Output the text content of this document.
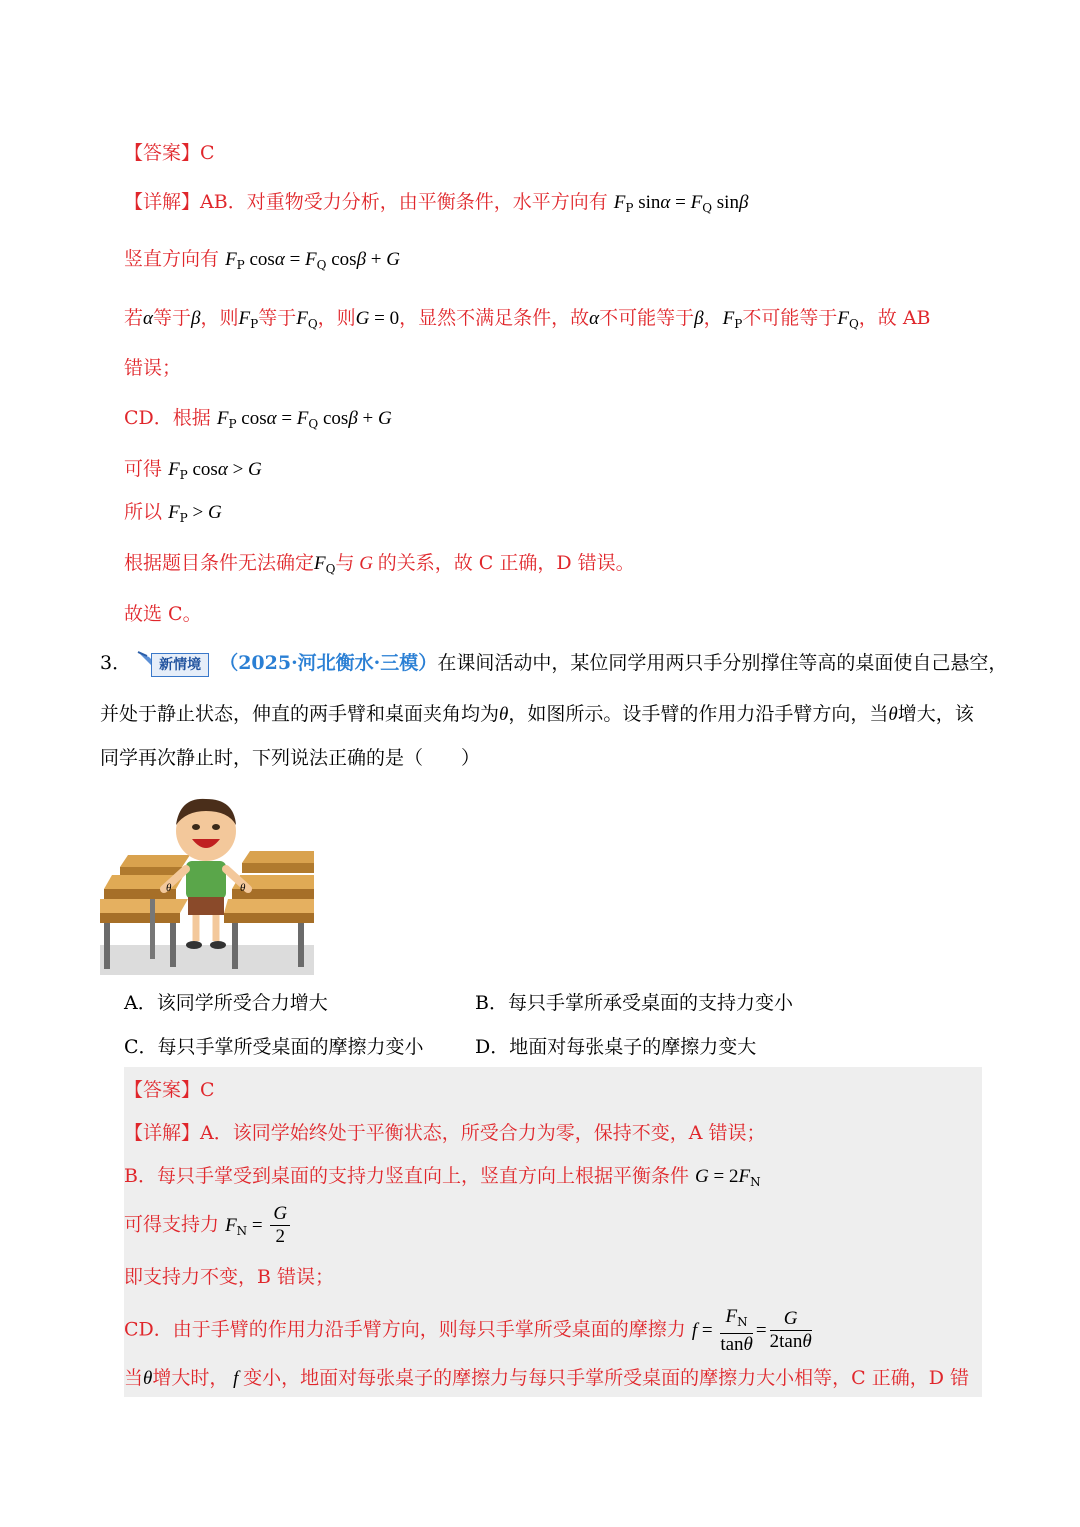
【答案】C
【详解】AB．对重物受力分析，由平衡条件，水平方向有 $F_P$ $\sin\alpha = F_Q$ sinβ
竖直方向有 $F_P$ $\cos\alpha = F_Q$ cosβ + G
若α等于β，则$F_P$等于$F_Q$，则G = 0，显然不满足条件，故α不可能等于β，$F_P$不可能等于$F_Q$，故 AB
错误；
CD．根据 $F_P$ $\cos\alpha = F_Q$ cosβ + G
可得 $F_P$ cosα > G
所以 $F_P > G$
根据题目条件无法确定$F_Q$与 G 的关系，故 C 正确，D 错误。
故选 C。
3．	新情境 （2025·河北衡水·三模）在课间活动中，某位同学用两只手分别撑住等高的桌面使自己悬空，
并处于静止状态，伸直的两手臂和桌面夹角均为θ，如图所示。设手臂的作用力沿手臂方向，当θ增大，该
同学再次静止时，下列说法正确的是（　　）
θ	θ
A．该同学所受合力增大	B．每只手掌所承受桌面的支持力变小
C．每只手掌所受桌面的摩擦力变小	D．地面对每张桌子的摩擦力变大
【答案】C
【详解】A．该同学始终处于平衡状态，所受合力为零，保持不变，A 错误；
B．每只手掌受到桌面的支持力竖直向上，竖直方向上根据平衡条件 $G = 2F_N$
可得支持力 $F_N = \frac{G}{2}$
即支持力不变，B 错误；
CD．由于手臂的作用力沿手臂方向，则每只手掌所受桌面的摩擦力 $f = \frac{F_N}{\tan\theta} = \frac{G}{2\tan\theta}$
当θ增大时， f 变小，地面对每张桌子的摩擦力与每只手掌所受桌面的摩擦力大小相等，C 正确，D 错
